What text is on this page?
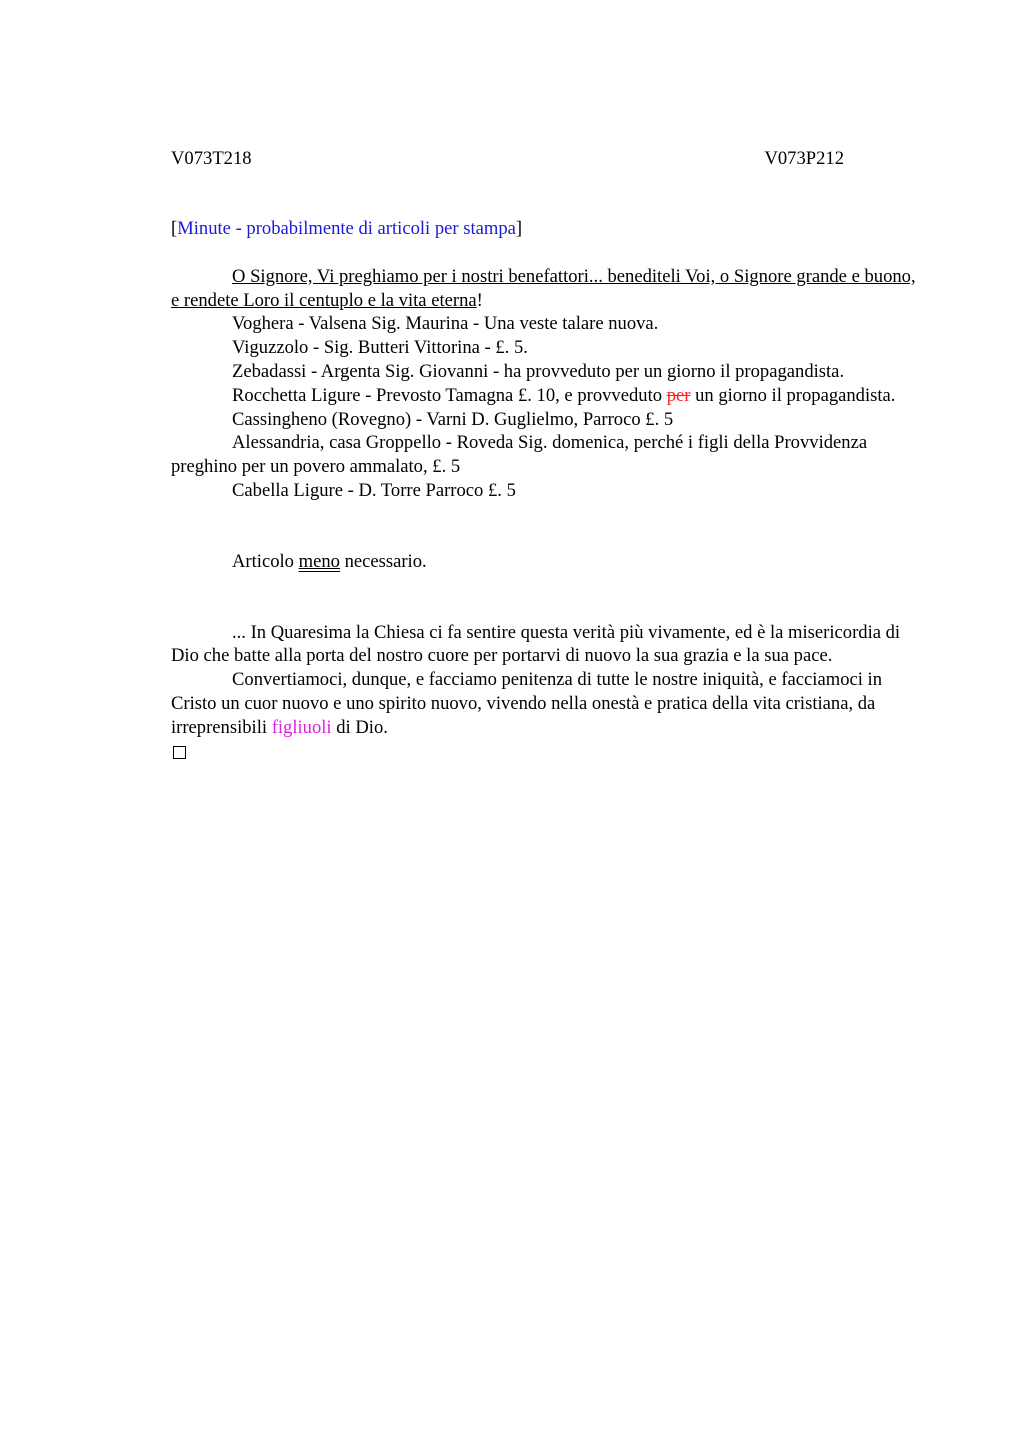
V073T218	V073P212

[Minute - probabilmente di articoli per stampa]

O Signore, Vi preghiamo per i nostri benefattori... benediteli Voi, o Signore grande e buono, e rendete Loro il centuplo e la vita eterna!

Voghera - Valsena Sig. Maurina - Una veste talare nuova.

Viguzzolo - Sig. Butteri Vittorina - £. 5.

Zebadassi - Argenta Sig. Giovanni - ha provveduto per un giorno il propagandista.

Rocchetta Ligure - Prevosto Tamagna £. 10, e provveduto per un giorno il propagandista.

Cassingheno (Rovegno) - Varni D. Guglielmo, Parroco £. 5

Alessandria, casa Groppello - Roveda Sig. domenica, perché i figli della Provvidenza preghino per un povero ammalato, £. 5

Cabella Ligure - D. Torre Parroco £. 5

Articolo meno necessario.

... In Quaresima la Chiesa ci fa sentire questa verità più vivamente, ed è la misericordia di Dio che batte alla porta del nostro cuore per portarvi di nuovo la sua grazia e la sua pace.

Convertiamoci, dunque, e facciamo penitenza di tutte le nostre iniquità, e facciamoci in Cristo un cuor nuovo e uno spirito nuovo, vivendo nella onestà e pratica della vita cristiana, da irreprensibili figliuoli di Dio.
